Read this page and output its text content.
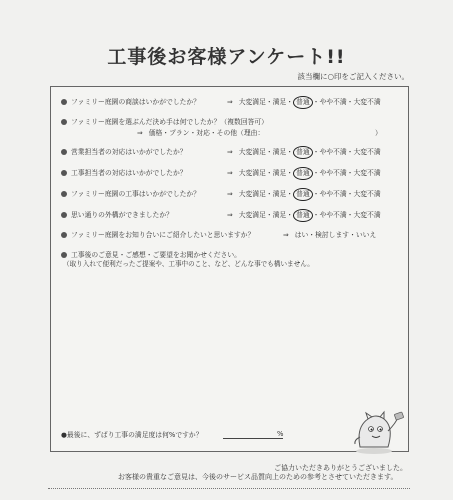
工事後お客様アンケート!!
該当欄に○印をご記入ください。
ファミリー庭園の商談はいかがでしたか？	⇒ 大変満足・満足・ 普通 ・やや不満・大変不満
ファミリー庭園を選ぶんだ決め手は何でしたか？（複数回答可）
⇒ 価格・プラン・対応・その他（理由：	）
営業担当者の対応はいかがでしたか？	⇒ 大変満足・満足・ 普通 ・やや不満・大変不満
工事担当者の対応はいかがでしたか？	⇒ 大変満足・満足・ 普通 ・やや不満・大変不満
ファミリー庭園の工事はいかがでしたか？	⇒ 大変満足・満足・ 普通 ・やや不満・大変不満
思い通りの外構ができましたか？	⇒ 大変満足・満足・ 普通 ・やや不満・大変不満
ファミリー庭園をお知り合いにご紹介したいと思いますか？	⇒ はい・検討します・いいえ
工事後のご意見・ご感想・ご要望をお聞かせください。
（取り入れて便利だったご提案や、工事中のこと、など、どんな事でも構いません。
●最後に、ずばり工事の満足度は何%ですか？	%
ご協力いただきありがとうございました。
お客様の貴重なご意見は、今後のサービス品質向上のための参考とさせていただきます。
